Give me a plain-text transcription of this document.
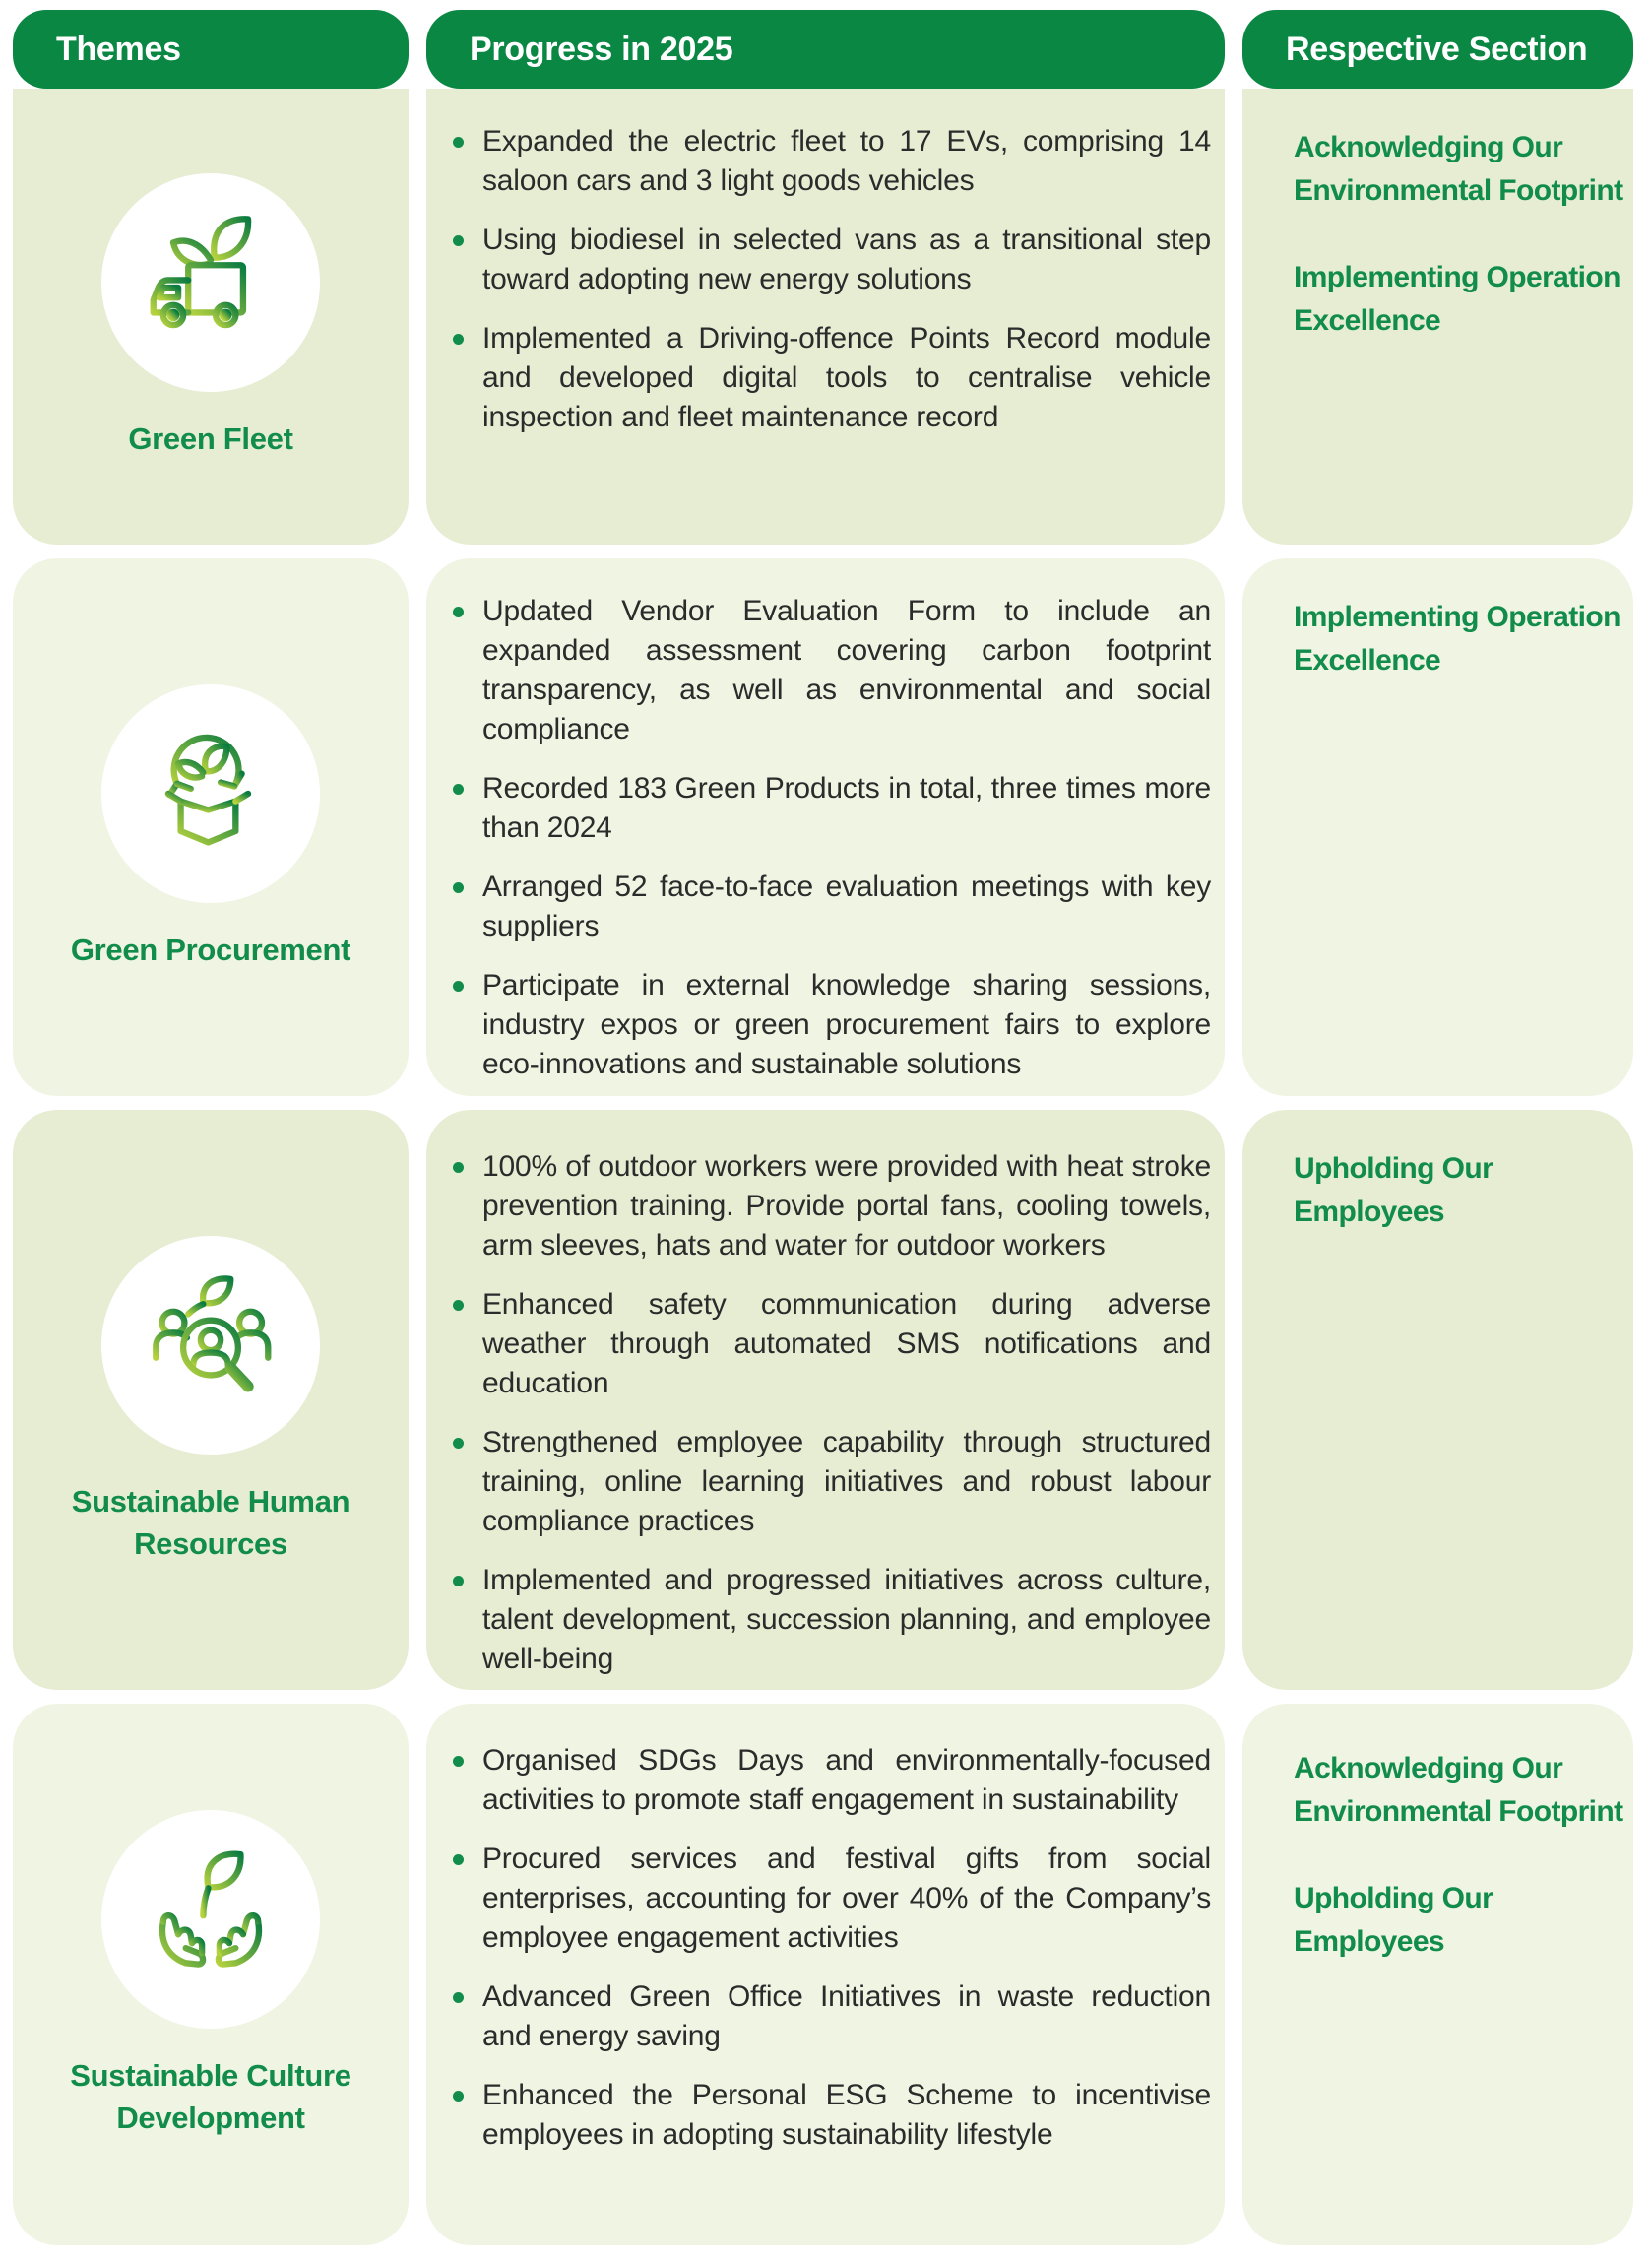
Themes	Progress in 2025	Respective Section
Green Fleet
Expanded the electric fleet to 17 EVs, comprising 14 saloon cars and 3 light goods vehicles
Using biodiesel in selected vans as a transitional step toward adopting new energy solutions
Implemented a Driving-offence Points Record module and developed digital tools to centralise vehicle inspection and fleet maintenance record

Acknowledging Our Environmental Footprint

Implementing Operation Excellence

Green Procurement
Updated Vendor Evaluation Form to include an expanded assessment covering carbon footprint transparency, as well as environmental and social compliance
Recorded 183 Green Products in total, three times more than 2024
Arranged 52 face-to-face evaluation meetings with key suppliers
Participate in external knowledge sharing sessions, industry expos or green procurement fairs to explore eco-innovations and sustainable solutions

Implementing Operation Excellence

Sustainable Human Resources
100% of outdoor workers were provided with heat stroke prevention training. Provide portal fans, cooling towels, arm sleeves, hats and water for outdoor workers
Enhanced safety communication during adverse weather through automated SMS notifications and education
Strengthened employee capability through structured training, online learning initiatives and robust labour compliance practices
Implemented and progressed initiatives across culture, talent development, succession planning, and employee well-being

Upholding Our Employees

Sustainable Culture Development
Organised SDGs Days and environmentally-focused activities to promote staff engagement in sustainability
Procured services and festival gifts from social enterprises, accounting for over 40% of the Company’s employee engagement activities
Advanced Green Office Initiatives in waste reduction and energy saving
Enhanced the Personal ESG Scheme to incentivise employees in adopting sustainability lifestyle

Acknowledging Our Environmental Footprint

Upholding Our Employees
